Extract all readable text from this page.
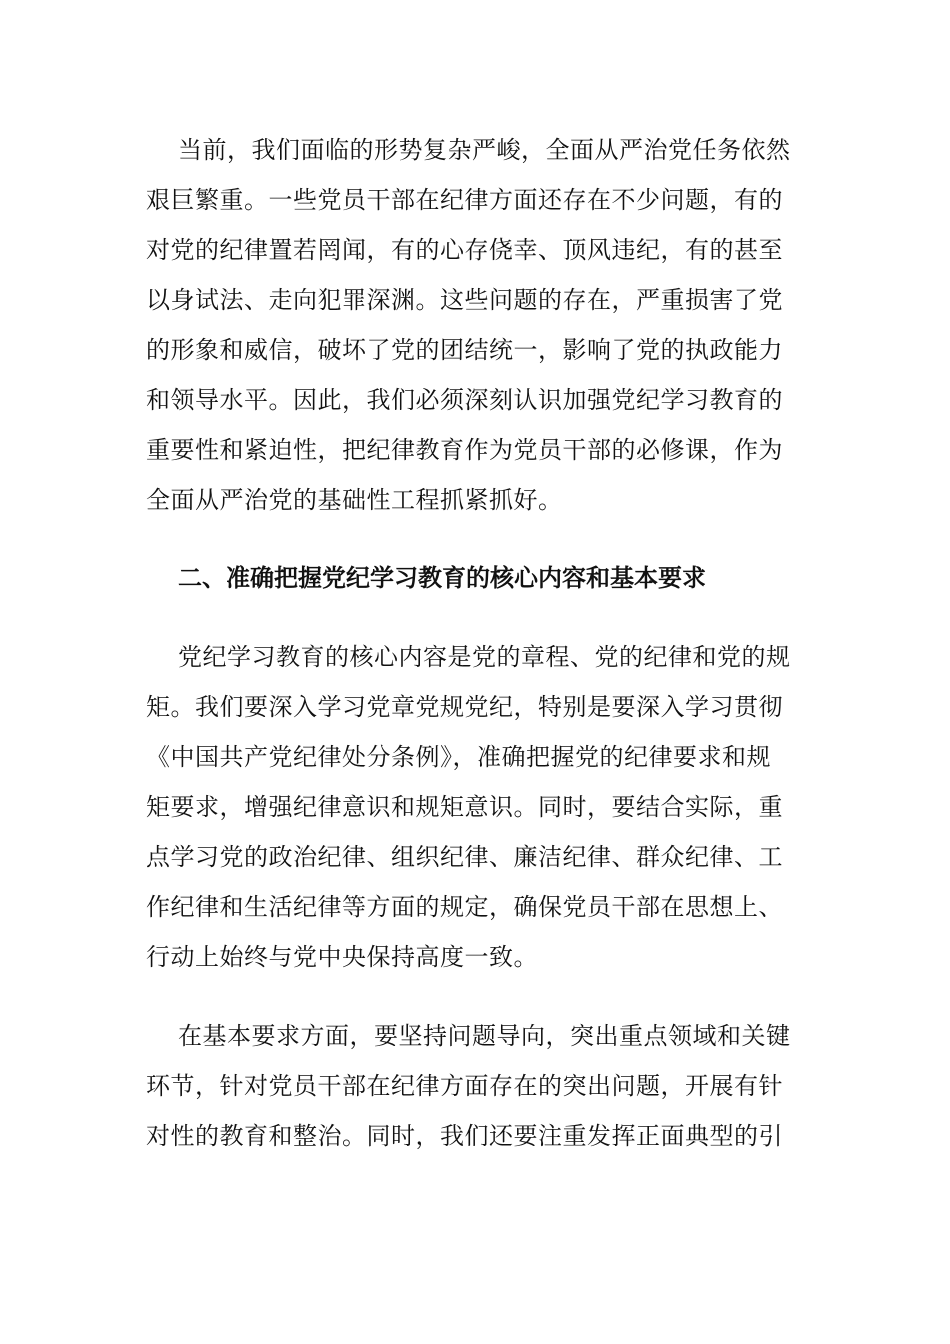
当前，我们面临的形势复杂严峻，全面从严治党任务依然
艰巨繁重。一些党员干部在纪律方面还存在不少问题，有的
对党的纪律置若罔闻，有的心存侥幸、顶风违纪，有的甚至
以身试法、走向犯罪深渊。这些问题的存在，严重损害了党
的形象和威信，破坏了党的团结统一，影响了党的执政能力
和领导水平。因此，我们必须深刻认识加强党纪学习教育的
重要性和紧迫性，把纪律教育作为党员干部的必修课，作为
全面从严治党的基础性工程抓紧抓好。
二、准确把握党纪学习教育的核心内容和基本要求
党纪学习教育的核心内容是党的章程、党的纪律和党的规
矩。我们要深入学习党章党规党纪，特别是要深入学习贯彻
《中国共产党纪律处分条例》，准确把握党的纪律要求和规
矩要求，增强纪律意识和规矩意识。同时，要结合实际，重
点学习党的政治纪律、组织纪律、廉洁纪律、群众纪律、工
作纪律和生活纪律等方面的规定，确保党员干部在思想上、
行动上始终与党中央保持高度一致。
在基本要求方面，要坚持问题导向，突出重点领域和关键
环节，针对党员干部在纪律方面存在的突出问题，开展有针
对性的教育和整治。同时，我们还要注重发挥正面典型的引
